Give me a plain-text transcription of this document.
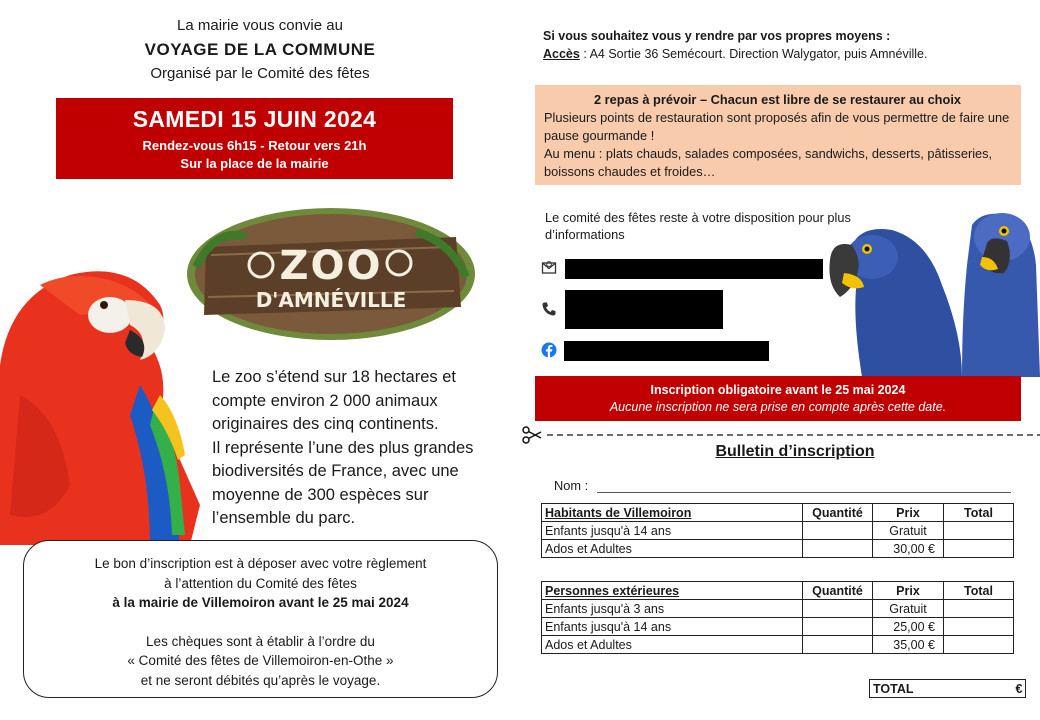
La mairie vous convie au
VOYAGE DE LA COMMUNE
Organisé par le Comité des fêtes
SAMEDI 15 JUIN 2024
Rendez-vous 6h15 - Retour vers 21h
Sur la place de la mairie
ZOO
D'AMNÉVILLE
Le zoo s’étend sur 18 hectares et
compte environ 2 000 animaux
originaires des cinq continents.
Il représente l’une des plus grandes
biodiversités de France, avec une
moyenne de 300 espèces sur
l’ensemble du parc.
Le bon d’inscription est à déposer avec votre règlement
à l’attention du Comité des fêtes
à la mairie de Villemoiron avant le 25 mai 2024
Les chèques sont à établir à l’ordre du
« Comité des fêtes de Villemoiron-en-Othe »
et ne seront débités qu’après le voyage.
Si vous souhaitez vous y rendre par vos propres moyens :
Accès : A4 Sortie 36 Semécourt. Direction Walygator, puis Amnéville.
2 repas à prévoir – Chacun est libre de se restaurer au choix
Plusieurs points de restauration sont proposés afin de vous permettre de faire une pause gourmande !
Au menu : plats chauds, salades composées, sandwichs, desserts, pâtisseries, boissons chaudes et froides…
Le comité des fêtes reste à votre disposition pour plus d’informations
Inscription obligatoire avant le 25 mai 2024
Aucune inscription ne sera prise en compte après cette date.
Bulletin d’inscription
Nom :
Habitants de Villemoiron	Quantité	Prix	Total
Enfants jusqu'à 14 ans		Gratuit	
Ados et Adultes		30,00 €	
Personnes extérieures	Quantité	Prix	Total
Enfants jusqu'à 3 ans		Gratuit	
Enfants jusqu'à 14 ans		25,00 €	
Ados et Adultes		35,00 €	
TOTAL	€
